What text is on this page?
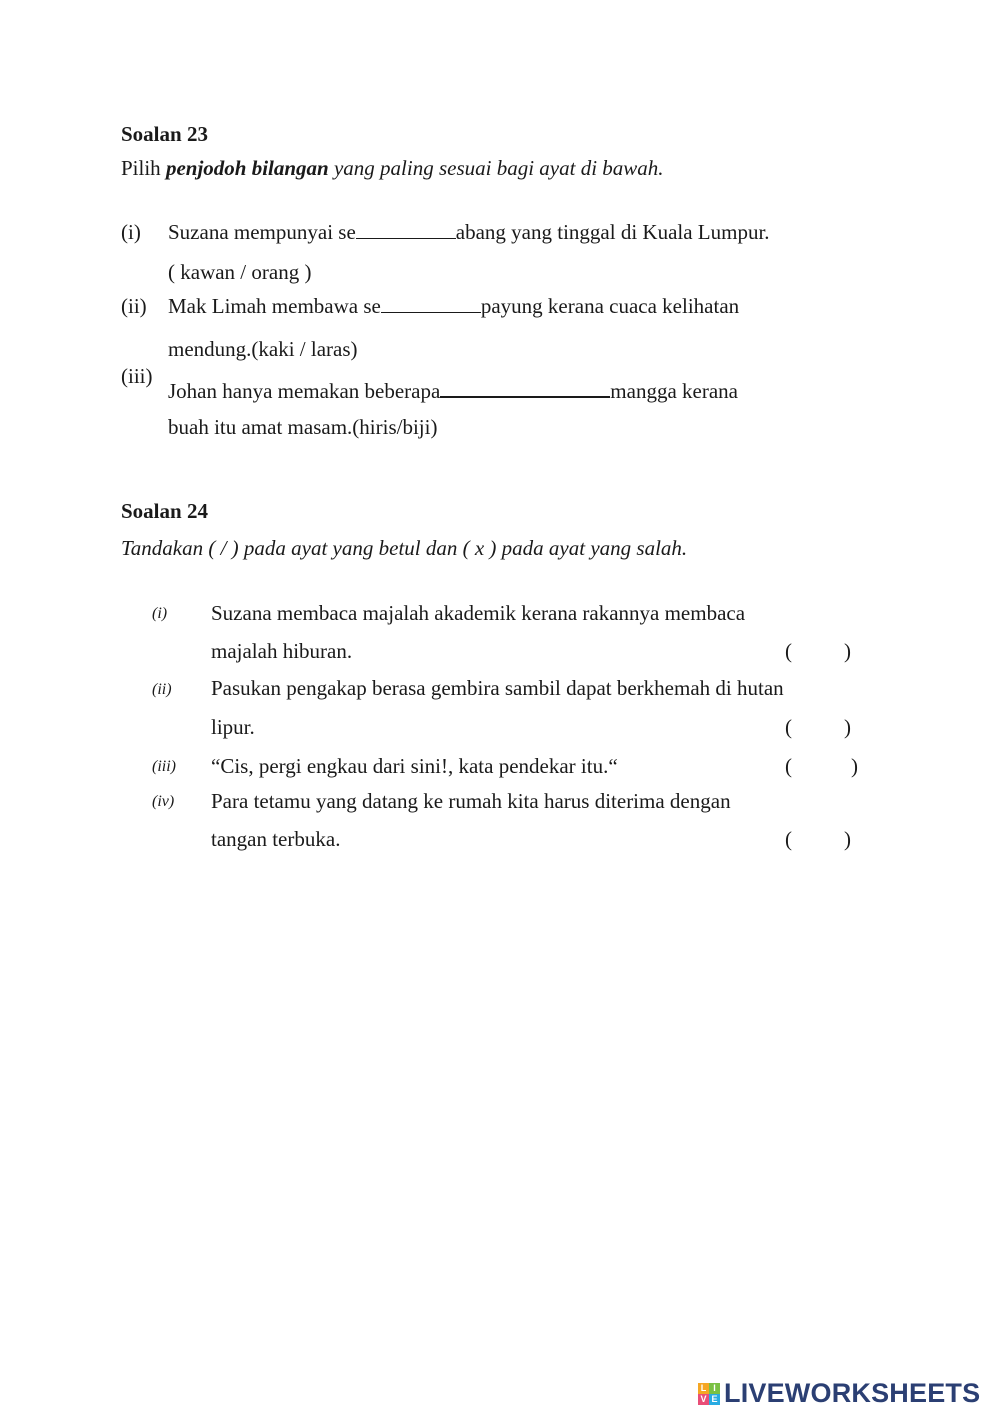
Soalan 23
Pilih penjodoh bilangan yang paling sesuai bagi ayat di bawah.
(i) Suzana mempunyai se	abang yang tinggal di Kuala Lumpur.
( kawan / orang )
(ii) Mak Limah membawa se	payung kerana cuaca kelihatan
mendung.(kaki / laras)
(iii)
Johan hanya memakan beberapa	mangga kerana
buah itu amat masam.(hiris/biji)
Soalan 24
Tandakan ( / ) pada ayat yang betul dan ( x ) pada ayat yang salah.
(i) Suzana membaca majalah akademik kerana rakannya membaca
majalah hiburan.	( )
(ii) Pasukan pengakap berasa gembira sambil dapat berkhemah di hutan
lipur.	( )
(iii) “Cis, pergi engkau dari sini!, kata pendekar itu.“	(	)
(iv) Para tetamu yang datang ke rumah kita harus diterima dengan
tangan terbuka.	( )
L I
V E LIVEWORKSHEETS
